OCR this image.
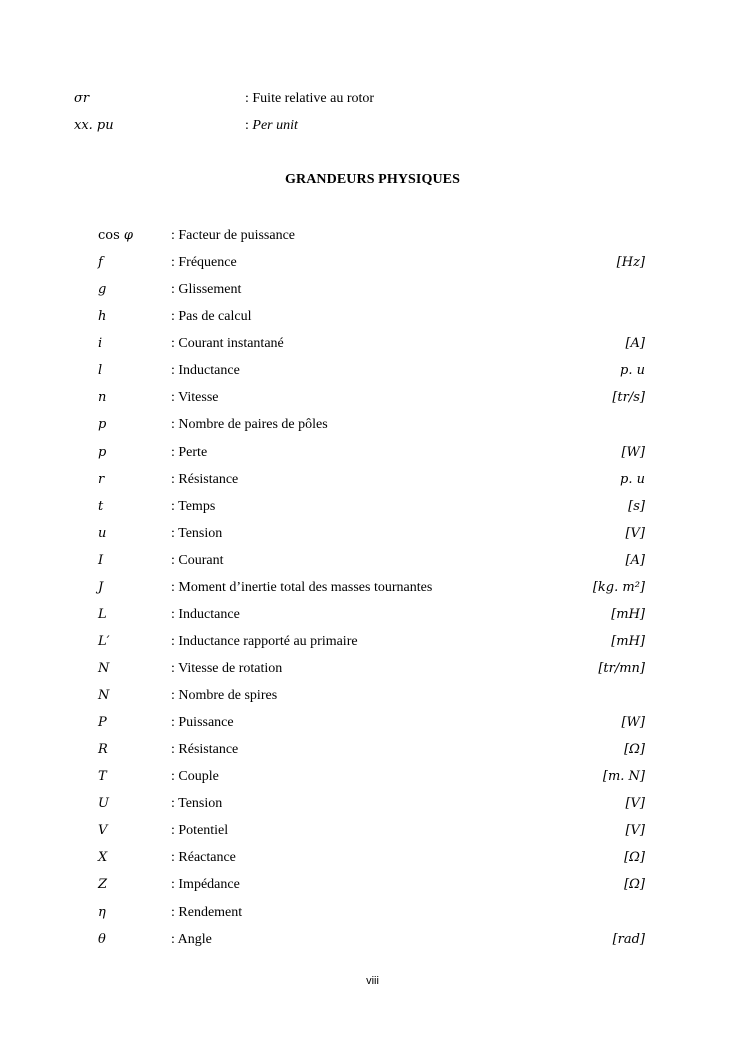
σr	: Fuite relative au rotor
xx. pu	: Per unit
GRANDEURS PHYSIQUES
cos φ	: Facteur de puissance
f	: Fréquence	[Hz]
g	: Glissement
h	: Pas de calcul
i	: Courant instantané	[A]
l	: Inductance	p. u
n	: Vitesse	[tr/s]
p	: Nombre de paires de pôles
p	: Perte	[W]
r	: Résistance	p. u
t	: Temps	[s]
u	: Tension	[V]
I	: Courant	[A]
J	: Moment d’inertie total des masses tournantes	[kg. m²]
L	: Inductance	[mH]
L′	: Inductance rapporté au primaire	[mH]
N	: Vitesse de rotation	[tr/mn]
N	: Nombre de spires
P	: Puissance	[W]
R	: Résistance	[Ω]
T	: Couple	[m. N]
U	: Tension	[V]
V	: Potentiel	[V]
X	: Réactance	[Ω]
Z	: Impédance	[Ω]
η	: Rendement
θ	: Angle	[rad]
viii
